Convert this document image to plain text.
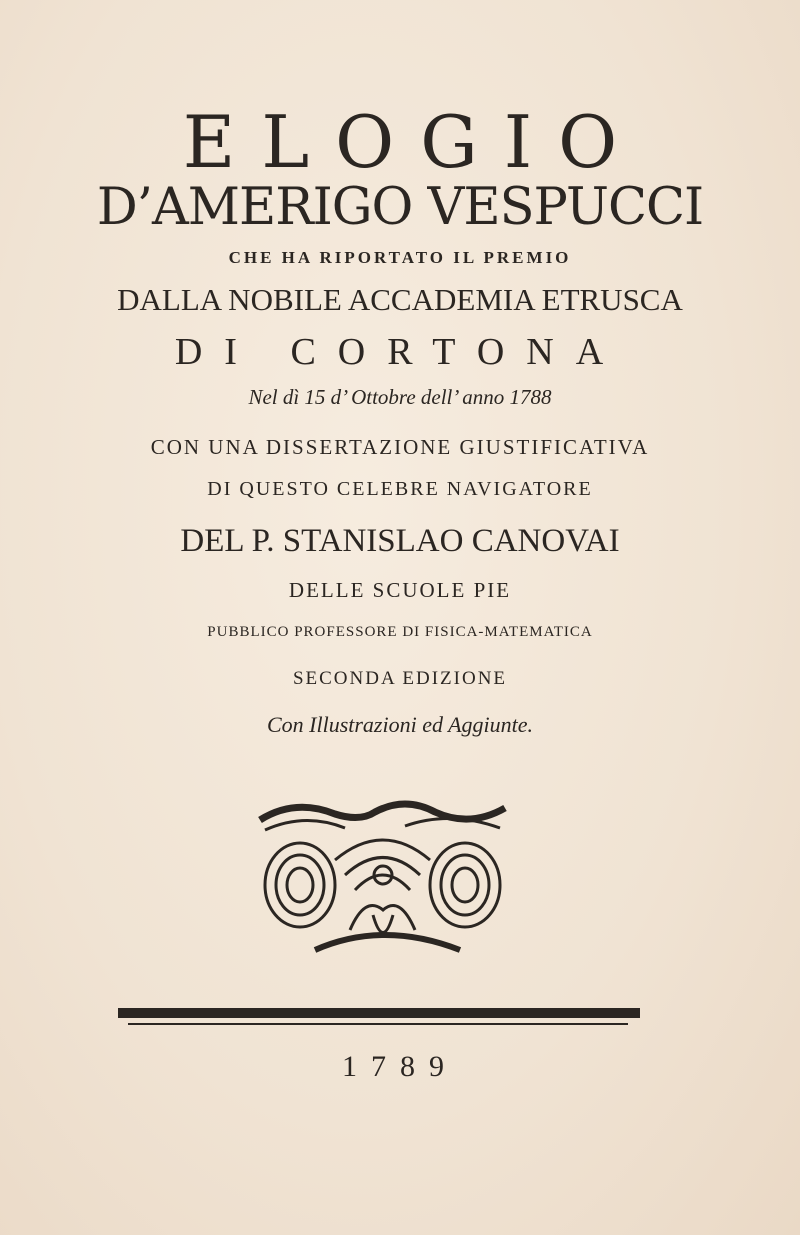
ELOGIO
D’AMERIGO VESPUCCI
CHE HA RIPORTATO IL PREMIO
DALLA NOBILE ACCADEMIA ETRUSCA
DI CORTONA
Nel dì 15 d’ Ottobre dell’ anno 1788
CON UNA DISSERTAZIONE GIUSTIFICATIVA
DI QUESTO CELEBRE NAVIGATORE
DEL P. STANISLAO CANOVAI
DELLE SCUOLE PIE
PUBBLICO PROFESSORE DI FISICA-MATEMATICA
SECONDA EDIZIONE
Con Illustrazioni ed Aggiunte.
1789
